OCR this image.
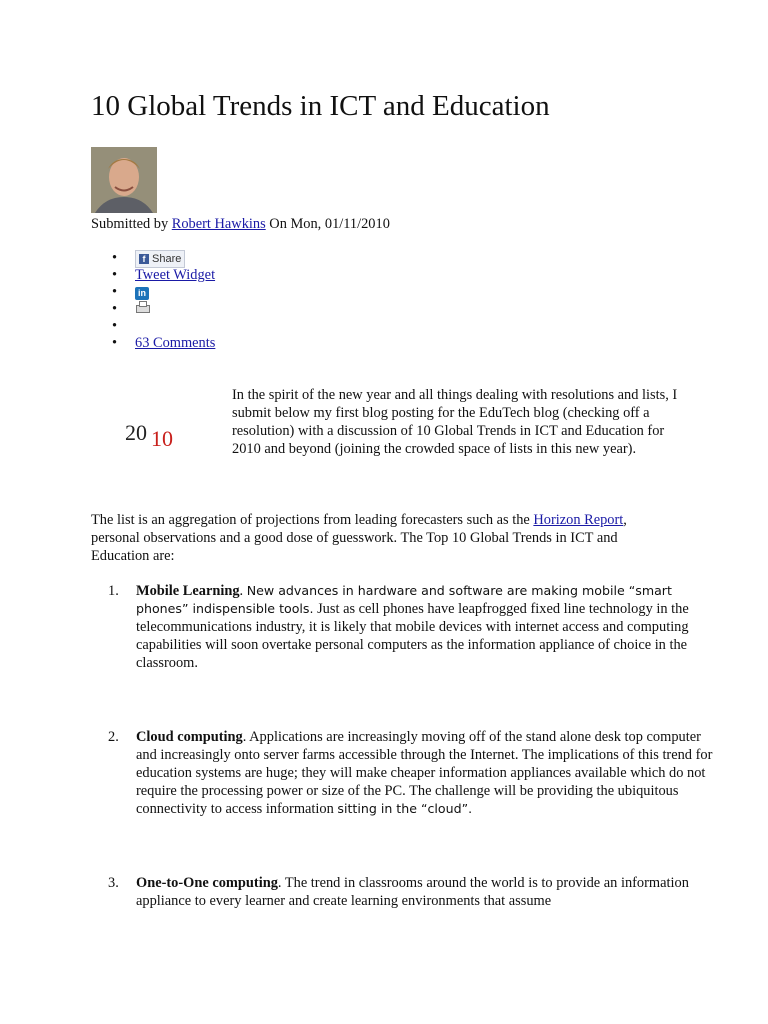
10 Global Trends in ICT and Education
Submitted by Robert Hawkins On Mon, 01/11/2010
• f Share
• Tweet Widget
• in
•
•
• 63 Comments
20 10
In the spirit of the new year and all things dealing with resolutions and lists, I submit below my first blog posting for the EduTech blog (checking off a resolution) with a discussion of 10 Global Trends in ICT and Education for 2010 and beyond (joining the crowded space of lists in this new year).
The list is an aggregation of projections from leading forecasters such as the Horizon Report, personal observations and a good dose of guesswork. The Top 10 Global Trends in ICT and Education are:
1. Mobile Learning. New advances in hardware and software are making mobile “smart phones” indispensible tools. Just as cell phones have leapfrogged fixed line technology in the telecommunications industry, it is likely that mobile devices with internet access and computing capabilities will soon overtake personal computers as the information appliance of choice in the classroom.
2. Cloud computing. Applications are increasingly moving off of the stand alone desk top computer and increasingly onto server farms accessible through the Internet. The implications of this trend for education systems are huge; they will make cheaper information appliances available which do not require the processing power or size of the PC. The challenge will be providing the ubiquitous connectivity to access information sitting in the “cloud”.
3. One-to-One computing. The trend in classrooms around the world is to provide an information appliance to every learner and create learning environments that assume
